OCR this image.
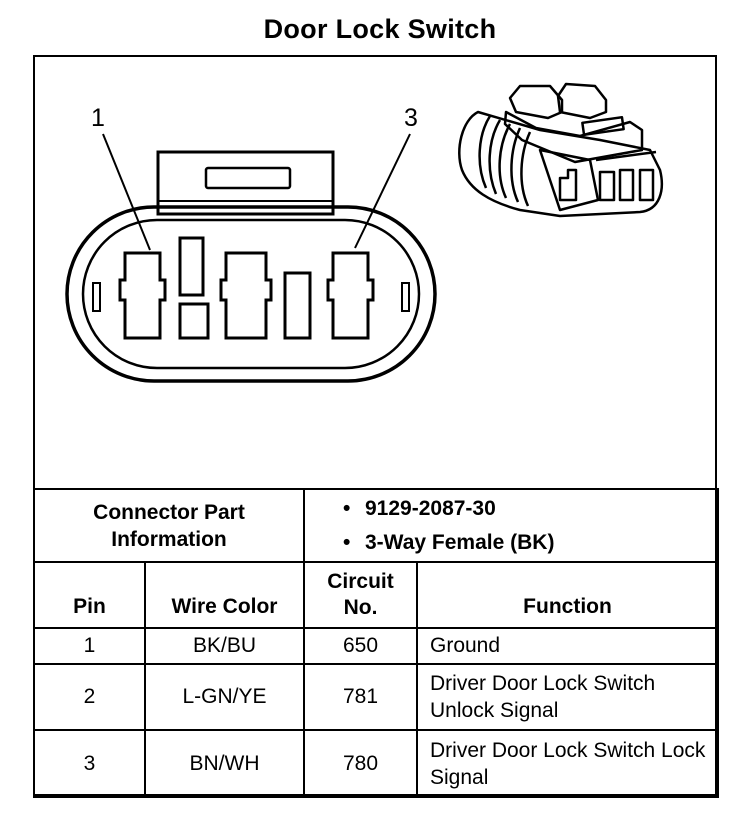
Door Lock Switch
1	3
Connector Part Information		• 9129-2087-30
• 3-Way Female (BK)

Pin	Wire Color	Circuit No.	Function
1	BK/BU	650	Ground
2	L-GN/YE	781	Driver Door Lock Switch Unlock Signal

3	BN/WH	780	Driver Door Lock Switch Lock Signal
